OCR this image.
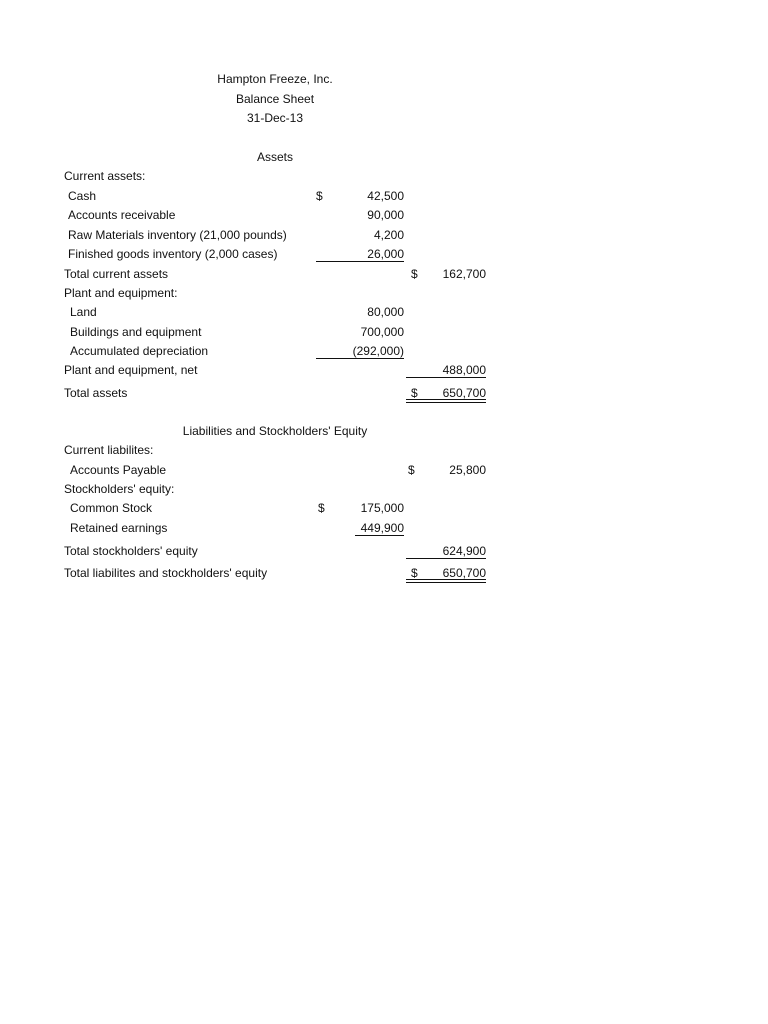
Hampton Freeze, Inc.
Balance Sheet
31-Dec-13
Assets
Current assets:
Cash	$	42,500
Accounts receivable	90,000
Raw Materials inventory (21,000 pounds)	4,200
Finished goods inventory (2,000 cases)	26,000
Total current assets	$	162,700
Plant and equipment:
Land	80,000
Buildings and equipment	700,000
Accumulated depreciation	(292,000)
Plant and equipment, net	488,000
Total assets	$	650,700
Liabilities and Stockholders' Equity
Current liabilites:
Accounts Payable	$	25,800
Stockholders' equity:
Common Stock	$	175,000
Retained earnings	449,900
Total stockholders' equity	624,900
Total liabilites and stockholders' equity	$	650,700
